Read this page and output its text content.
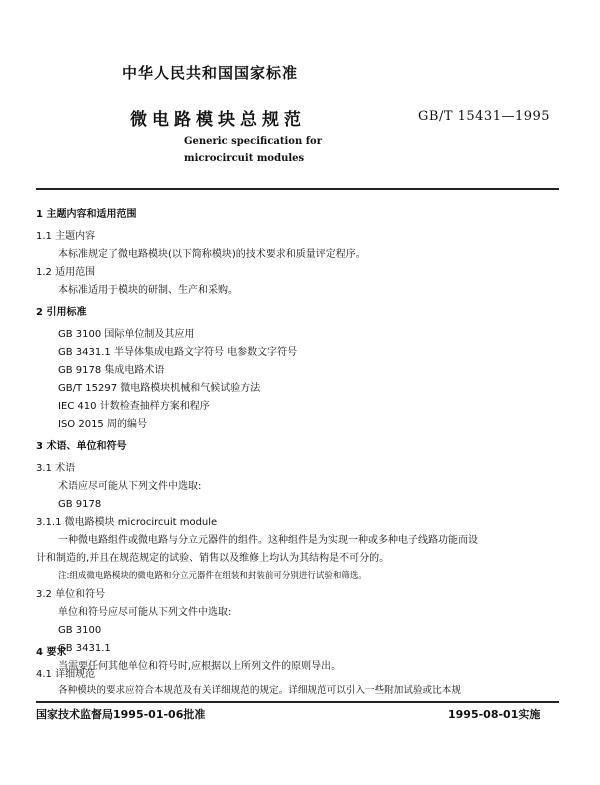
中华人民共和国国家标准
微电路模块总规范	GB/T 15431—1995
Generic specification for
microcircuit modules
1 主题内容和适用范围
1.1 主题内容
本标准规定了微电路模块(以下简称模块)的技术要求和质量评定程序。
1.2 适用范围
本标准适用于模块的研制、生产和采购。
2 引用标准
GB 3100 国际单位制及其应用
GB 3431.1 半导体集成电路文字符号 电参数文字符号
GB 9178 集成电路术语
GB/T 15297 微电路模块机械和气候试验方法
IEC 410 计数检查抽样方案和程序
ISO 2015 周的编号
3 术语、单位和符号
3.1 术语
术语应尽可能从下列文件中选取:
GB 9178
3.1.1 微电路模块 microcircuit module
一种微电路组件或微电路与分立元器件的组件。这种组件是为实现一种或多种电子线路功能而设
计和制造的,并且在规范规定的试验、销售以及维修上均认为其结构是不可分的。
注:组成微电路模块的微电路和分立元器件在组装和封装前可分别进行试验和筛选。
3.2 单位和符号
单位和符号应尽可能从下列文件中选取:
GB 3100
GB 3431.1
当需要任何其他单位和符号时,应根据以上所列文件的原则导出。
4 要求
4.1 详细规范
各种模块的要求应符合本规范及有关详细规范的规定。详细规范可以引入一些附加试验或比本规
国家技术监督局1995-01-06批准	1995-08-01实施
